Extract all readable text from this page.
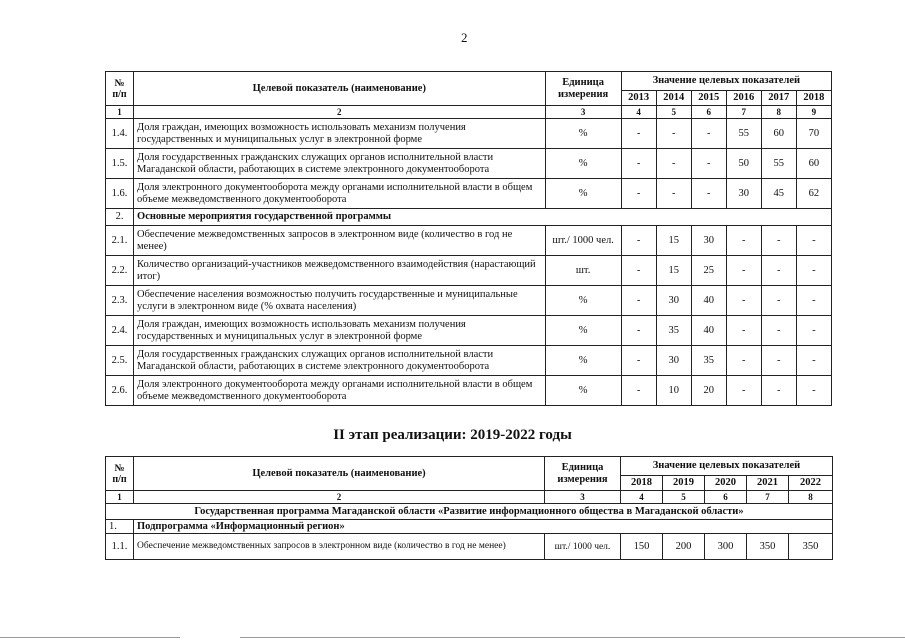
2
№
п/п	Целевой показатель (наименование)	Единица измерения	Значение целевых показателей					
			2013	2014	2015	2016	2017	2018
1	2	3	4	5	6	7	8	9
1.4.	Доля граждан, имеющих возможность использовать механизм получения государственных и муниципальных услуг в электронной форме	%	-	-	-	55	60	70
1.5.	Доля государственных гражданских служащих органов исполнительной власти Магаданской области, работающих в системе электронного документооборота	%	-	-	-	50	55	60
1.6.	Доля электронного документооборота между органами исполнительной власти в общем объеме межведомственного документооборота	%	-	-	-	30	45	62
2.	Основные мероприятия государственной программы							
2.1.	Обеспечение межведомственных запросов в электронном виде (количество в год не менее)	шт./ 1000 чел.	-	15	30	-	-	-
2.2.	Количество организаций-участников межведомственного взаимодействия (нарастающий итог)	шт.	-	15	25	-	-	-
2.3.	Обеспечение населения возможностью получить государственные и муниципальные услуги в электронном виде (% охвата населения)	%	-	30	40	-	-	-
2.4.	Доля граждан, имеющих возможность использовать механизм получения государственных и муниципальных услуг в электронной форме	%	-	35	40	-	-	-
2.5.	Доля государственных гражданских служащих органов исполнительной власти Магаданской области, работающих в системе электронного документооборота	%	-	30	35	-	-	-
2.6.	Доля электронного документооборота между органами исполнительной власти в общем объеме межведомственного документооборота	%	-	10	20	-	-	-
II этап реализации: 2019-2022 годы
№
п/п	Целевой показатель (наименование)	Единица измерения	Значение целевых показателей				
			2018	2019	2020	2021	2022
1	2	3	4	5	6	7	8
Государственная программа Магаданской области «Развитие информационного общества в Магаданской области»							
1.	Подпрограмма «Информационный регион»						
1.1.	Обеспечение межведомственных запросов в электронном виде (количество в год не менее)	шт./ 1000 чел.	150	200	300	350	350
